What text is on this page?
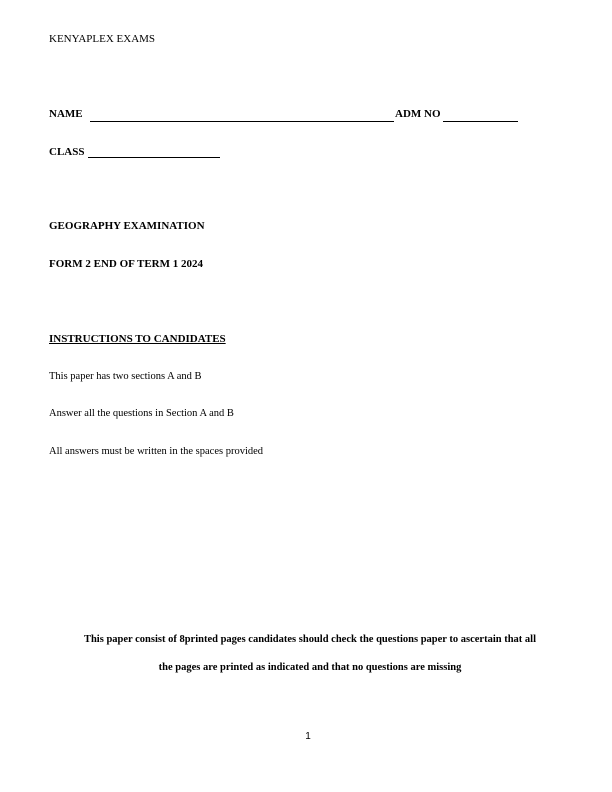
KENYAPLEX EXAMS
NAME	ADM NO
CLASS
GEOGRAPHY EXAMINATION
FORM 2 END OF TERM 1 2024
INSTRUCTIONS TO CANDIDATES
This paper has two sections A and B
Answer all the questions in Section A and B
All answers must be written in the spaces provided
This paper consist of 8printed pages candidates should check the questions paper to ascertain that all
the pages are printed as indicated and that no questions are missing
1
